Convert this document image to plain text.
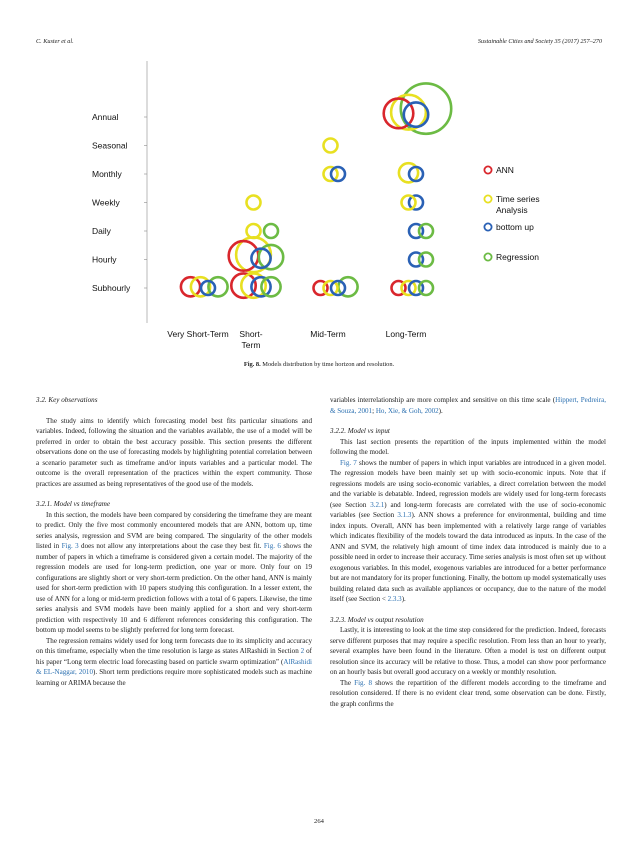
C. Kuster et al.	Sustainable Cities and Society 35 (2017) 257–270
Subhourly
Hourly
Daily
Weekly
Monthly
Seasonal
Annual
Very Short-Term Short-Term
Mid-Term	Long-Term
ANN
Time series Analysis
bottom up
Regression
Fig. 8. Models distribution by time horizon and resolution.
3.2. Key observations

The study aims to identify which forecasting model best fits particular situations and variables. Indeed, following the situation and the variables available, the use of a model will be preferred in order to obtain the best accuracy possible. This section presents the different observations done on the use of forecasting models by highlighting potential correlation between a scenario parameter such as timeframe and/or inputs variables and a particular model. The outcome is the overall representation of the practices within the expert community. Those practices are assumed as being representatives of the good use of the models.

3.2.1. Model vs timeframe

In this section, the models have been compared by considering the timeframe they are meant to predict. Only the five most commonly encountered models that are ANN, bottom up, time series analysis, regression and SVM are being compared. The singularity of the other models listed in Fig. 3 does not allow any interpretations about the case they best fit. Fig. 6 shows the number of papers in which a timeframe is considered given a certain model. The majority of the regression models are used for long-term prediction, one year or more. Only four on 19 configurations are slightly short or very short-term prediction. On the other hand, ANN is mainly used for short-term prediction with 10 papers studying this configuration. In a lesser extent, the use of ANN for a long or mid-term prediction follows with a total of 6 papers. Likewise, the time series analysis and SVM models have been mainly applied for a short and very short-term prediction with respectively 10 and 6 different references considering this configuration. The bottom up model seems to be slightly preferred for long term forecast.

The regression remains widely used for long term forecasts due to its simplicity and accuracy on this timeframe, especially when the time resolution is large as states AlRashidi in Section 2 of his paper “Long term electric load forecasting based on particle swarm optimization” (AlRashidi & EL-Naggar, 2010). Short term predictions require more sophisticated models such as machine learning or ARIMA because the

variables interrelationship are more complex and sensitive on this time scale (Hippert, Pedreira, & Souza, 2001; Ho, Xie, & Goh, 2002).

3.2.2. Model vs input

This last section presents the repartition of the inputs implemented within the model following the model.

Fig. 7 shows the number of papers in which input variables are introduced in a given model. The regression models have been mainly set up with socio-economic inputs. Note that if regressions models are using socio-economic variables, a direct correlation between the model and the variable is debatable. Indeed, regression models are widely used for long-term forecasts (see Section 3.2.1) and long-term forecasts are correlated with the use of socio-economic variables (see Section 3.1.3). ANN shows a preference for environmental, building and time index inputs. Overall, ANN has been implemented with a relatively large range of variables which indicates flexibility of the models toward the data introduced as inputs. In the case of the ANN and SVM, the relatively high amount of time index data introduced is mainly due to a possible need in order to increase their accuracy. Time series analysis is most often set up without exogenous variables. In this model, exogenous variables are introduced for a better performance but are not mandatory for its proper functioning. Finally, the bottom up model systematically uses building related data such as available appliances or occupancy, due to the nature of the model itself (see Section < 2.3.3).

3.2.3. Model vs output resolution

Lastly, it is interesting to look at the time step considered for the prediction. Indeed, forecasts serve different purposes that may require a specific resolution. From less than an hour to yearly, several examples have been found in the literature. Often a model is test on different output resolution since its accuracy will be relative to those. Thus, a model can show poor performance on an hourly basis but overall good accuracy on a weekly or monthly resolution.

The Fig. 8 shows the repartition of the different models according to the timeframe and resolution considered. If there is no evident clear trend, some observation can be done. Firstly, the graph confirms the

264
